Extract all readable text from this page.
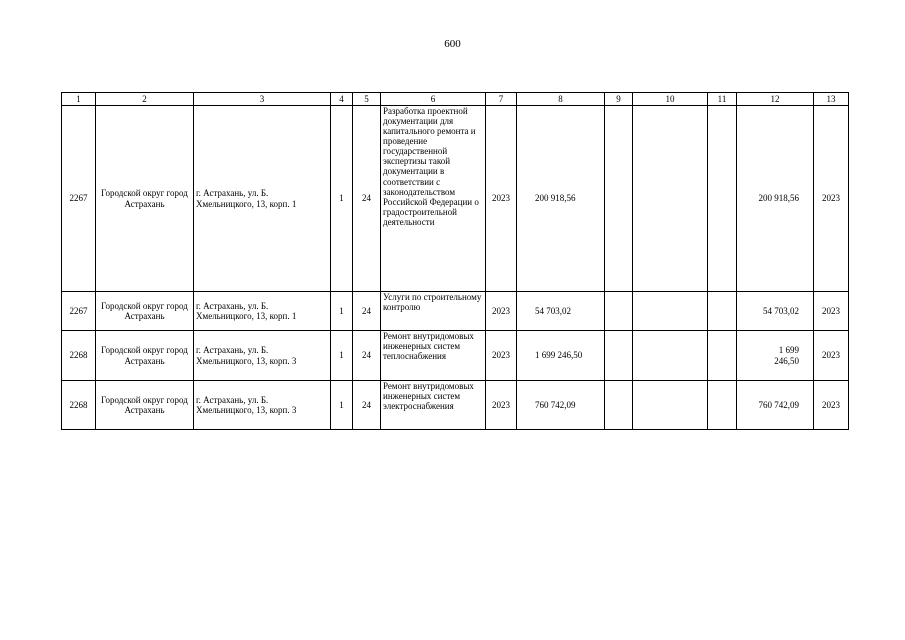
600
1	2	3	4	5	6	7	8	9	10	11	12	13
2267	Городской округ город Астрахань	г. Астрахань, ул. Б. Хмельницкого, 13, корп. 1	1	24	Разработка проектной документации для капитального ремонта и проведение государственной экспертизы такой документации в соответствии с законодательством Российской Федерации о градостроительной деятельности	2023	200 918,56				200 918,56	2023
2267	Городской округ город Астрахань	г. Астрахань, ул. Б. Хмельницкого, 13, корп. 1	1	24	Услуги по строительному контролю	2023	54 703,02				54 703,02	2023
2268	Городской округ город Астрахань	г. Астрахань, ул. Б. Хмельницкого, 13, корп. 3	1	24	Ремонт внутридомовых инженерных систем теплоснабжения	2023	1 699 246,50				1 699 246,50	2023
2268	Городской округ город Астрахань	г. Астрахань, ул. Б. Хмельницкого, 13, корп. 3	1	24	Ремонт внутридомовых инженерных систем электроснабжения	2023	760 742,09				760 742,09	2023
